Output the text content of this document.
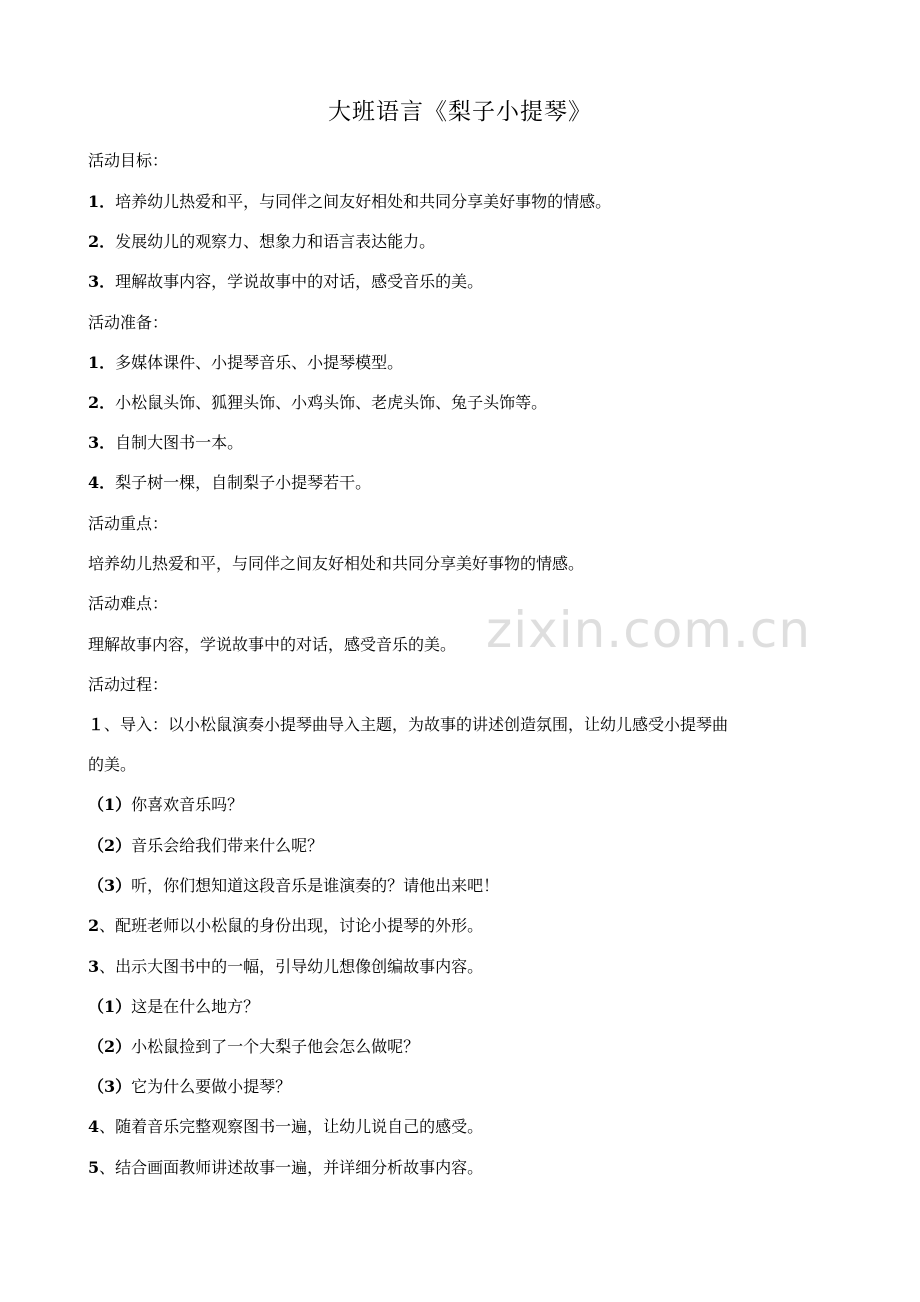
大班语言《梨子小提琴》
活动目标：
1．培养幼儿热爱和平，与同伴之间友好相处和共同分享美好事物的情感。
2．发展幼儿的观察力、想象力和语言表达能力。
3．理解故事内容，学说故事中的对话，感受音乐的美。
活动准备：
1．多媒体课件、小提琴音乐、小提琴模型。
2．小松鼠头饰、狐狸头饰、小鸡头饰、老虎头饰、兔子头饰等。
3．自制大图书一本。
4．梨子树一棵，自制梨子小提琴若干。
活动重点：
培养幼儿热爱和平，与同伴之间友好相处和共同分享美好事物的情感。
活动难点：
理解故事内容，学说故事中的对话，感受音乐的美。
活动过程：
１、导入：以小松鼠演奏小提琴曲导入主题，为故事的讲述创造氛围，让幼儿感受小提琴曲
的美。
（1）你喜欢音乐吗？
（2）音乐会给我们带来什么呢？
（3）听，你们想知道这段音乐是谁演奏的？请他出来吧！
2、配班老师以小松鼠的身份出现，讨论小提琴的外形。
3、出示大图书中的一幅，引导幼儿想像创编故事内容。
（1）这是在什么地方？
（2）小松鼠捡到了一个大梨子他会怎么做呢？
（3）它为什么要做小提琴？
4、随着音乐完整观察图书一遍，让幼儿说自己的感受。
5、结合画面教师讲述故事一遍，并详细分析故事内容。
zixin.com.cn
